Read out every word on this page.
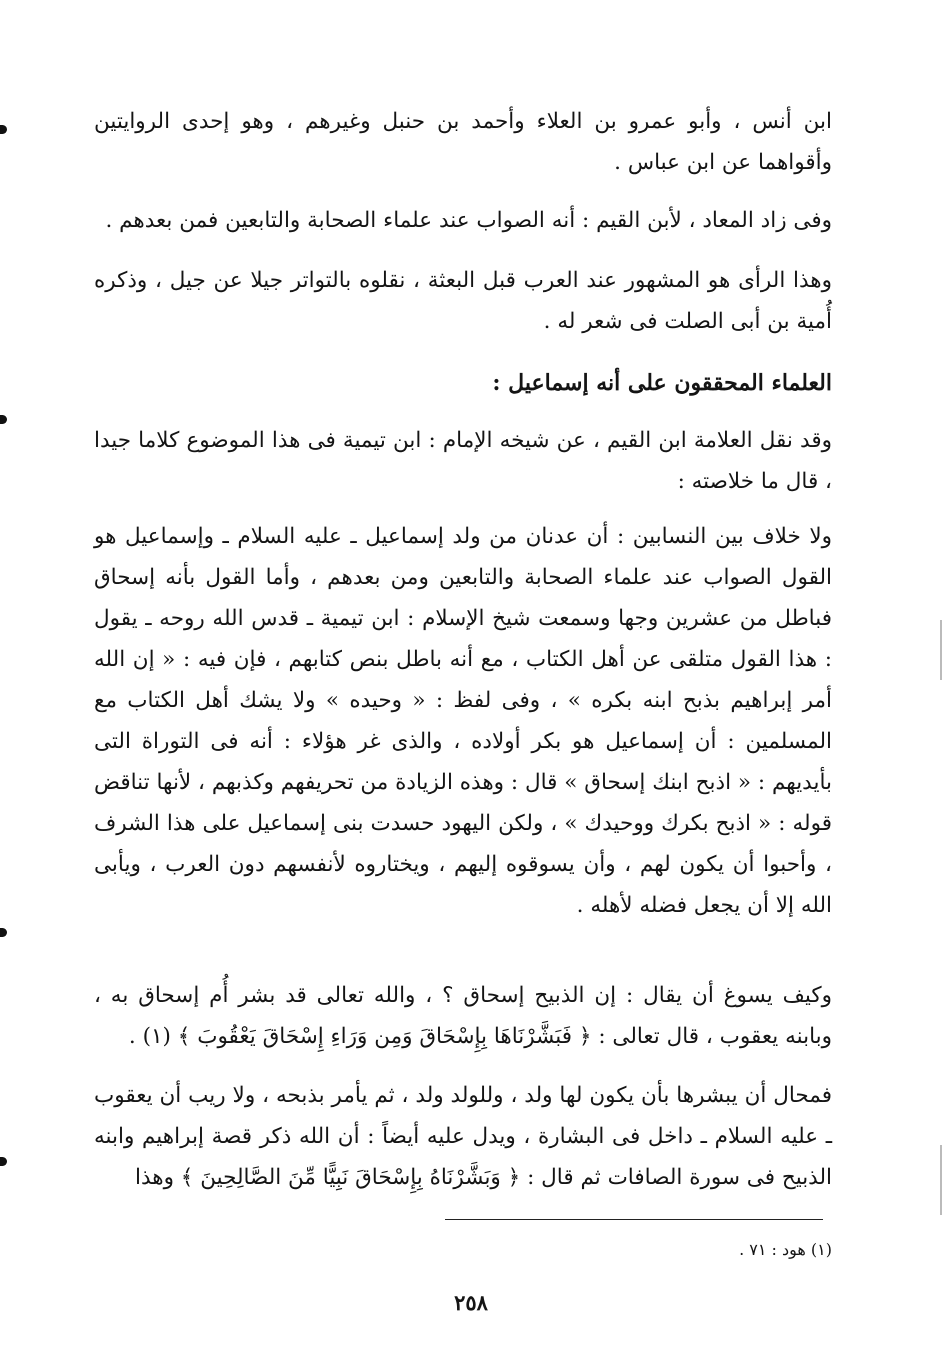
ابن أنس ، وأبو عمرو بن العلاء وأحمد بن حنبل وغيرهم ، وهو إحدى الروايتين وأقواهما عن ابن عباس .

وفى زاد المعاد ، لأبن القيم : أنه الصواب عند علماء الصحابة والتابعين فمن بعدهم .

وهذا الرأى هو المشهور عند العرب قبل البعثة ، نقلوه بالتواتر جيلا عن جيل ، وذكره أُمية بن أبى الصلت فى شعر له .

العلماء المحققون على أنه إسماعيل :

وقد نقل العلامة ابن القيم ، عن شيخه الإمام : ابن تيمية فى هذا الموضوع كلاما جيدا ، قال ما خلاصته :

ولا خلاف بين النسابين : أن عدنان من ولد إسماعيل ـ عليه السلام ـ وإسماعيل هو القول الصواب عند علماء الصحابة والتابعين ومن بعدهم ، وأما القول بأنه إسحاق فباطل من عشرين وجها وسمعت شيخ الإسلام : ابن تيمية ـ قدس الله روحه ـ يقول : هذا القول متلقى عن أهل الكتاب ، مع أنه باطل بنص كتابهم ، فإن فيه : « إن الله أمر إبراهيم بذبح ابنه بكره » ، وفى لفظ : « وحيده » ولا يشك أهل الكتاب مع المسلمين : أن إسماعيل هو بكر أولاده ، والذى غر هؤلاء : أنه فى التوراة التى بأيديهم : « اذبح ابنك إسحاق » قال : وهذه الزيادة من تحريفهم وكذبهم ، لأنها تناقض قوله : « اذبح بكرك ووحيدك » ، ولكن اليهود حسدت بنى إسماعيل على هذا الشرف ، وأحبوا أن يكون لهم ، وأن يسوقوه إليهم ، ويختاروه لأنفسهم دون العرب ، ويأبى الله إلا أن يجعل فضله لأهله .

وكيف يسوغ أن يقال : إن الذبيح إسحاق ؟ ، والله تعالى قد بشر أُم إسحاق به ، وبابنه يعقوب ، قال تعالى : ﴿ فَبَشَّرْنَاهَا بِإِسْحَاقَ وَمِن وَرَاءِ إِسْحَاقَ يَعْقُوبَ ﴾ (١) .

فمحال أن يبشرها بأن يكون لها ولد ، وللولد ولد ، ثم يأمر بذبحه ، ولا ريب أن يعقوب ـ عليه السلام ـ داخل فى البشارة ، ويدل عليه أيضاً : أن الله ذكر قصة إبراهيم وابنه الذبيح فى سورة الصافات ثم قال : ﴿ وَبَشَّرْنَاهُ بِإِسْحَاقَ نَبِيًّا مِّنَ الصَّالِحِينَ ﴾ وهذا

(١) هود : ٧١ .
٢٥٨
